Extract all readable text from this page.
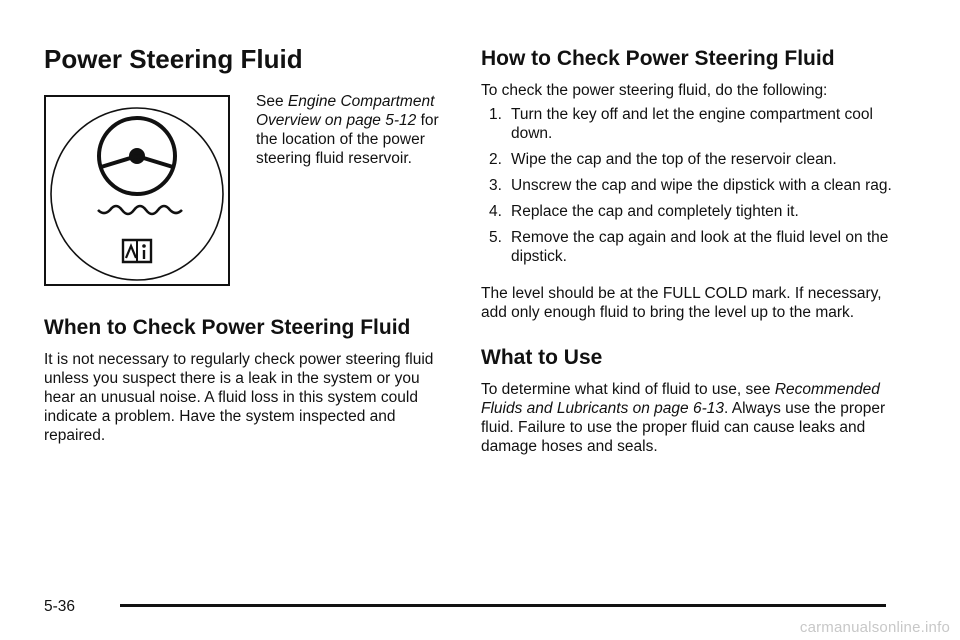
Power Steering Fluid

See Engine Compartment Overview on page 5-12 for the location of the power steering fluid reservoir.

When to Check Power Steering Fluid

It is not necessary to regularly check power steering fluid unless you suspect there is a leak in the system or you hear an unusual noise. A fluid loss in this system could indicate a problem. Have the system inspected and repaired.

How to Check Power Steering Fluid

To check the power steering fluid, do the following:

1. Turn the key off and let the engine compartment cool down.
2. Wipe the cap and the top of the reservoir clean.
3. Unscrew the cap and wipe the dipstick with a clean rag.
4. Replace the cap and completely tighten it.
5. Remove the cap again and look at the fluid level on the dipstick.

The level should be at the FULL COLD mark. If necessary, add only enough fluid to bring the level up to the mark.

What to Use

To determine what kind of fluid to use, see Recommended Fluids and Lubricants on page 6-13. Always use the proper fluid. Failure to use the proper fluid can cause leaks and damage hoses and seals.

5-36
carmanualsonline.info
